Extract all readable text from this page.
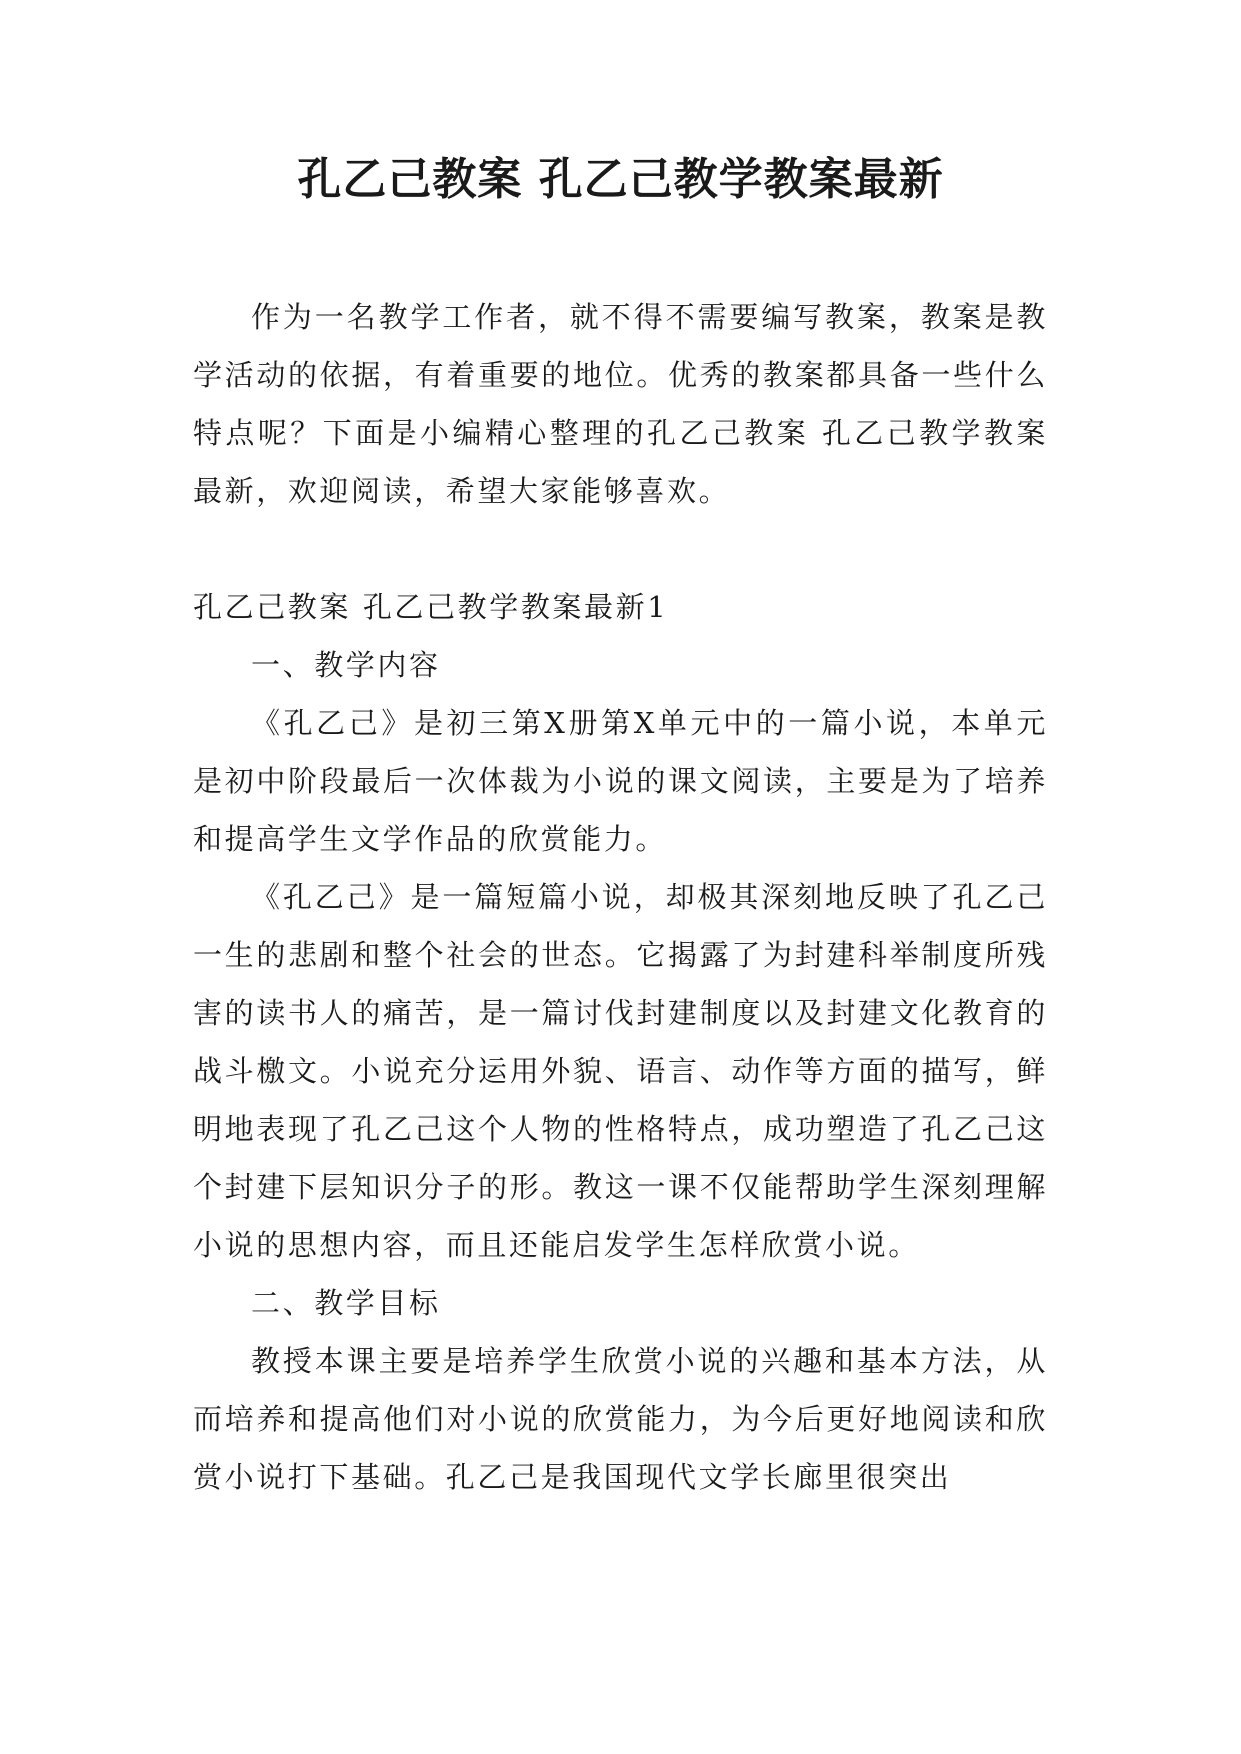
孔乙己教案 孔乙己教学教案最新

作为一名教学工作者，就不得不需要编写教案，教案是教学活动的依据，有着重要的地位。优秀的教案都具备一些什么特点呢？下面是小编精心整理的孔乙己教案 孔乙己教学教案最新，欢迎阅读，希望大家能够喜欢。

孔乙己教案 孔乙己教学教案最新1

一、教学内容

《孔乙己》是初三第X册第X单元中的一篇小说，本单元是初中阶段最后一次体裁为小说的课文阅读，主要是为了培养和提高学生文学作品的欣赏能力。

《孔乙己》是一篇短篇小说，却极其深刻地反映了孔乙己一生的悲剧和整个社会的世态。它揭露了为封建科举制度所残害的读书人的痛苦，是一篇讨伐封建制度以及封建文化教育的战斗檄文。小说充分运用外貌、语言、动作等方面的描写，鲜明地表现了孔乙己这个人物的性格特点，成功塑造了孔乙己这个封建下层知识分子的形。教这一课不仅能帮助学生深刻理解小说的思想内容，而且还能启发学生怎样欣赏小说。

二、教学目标

教授本课主要是培养学生欣赏小说的兴趣和基本方法，从而培养和提高他们对小说的欣赏能力，为今后更好地阅读和欣赏小说打下基础。孔乙己是我国现代文学长廊里很突出
